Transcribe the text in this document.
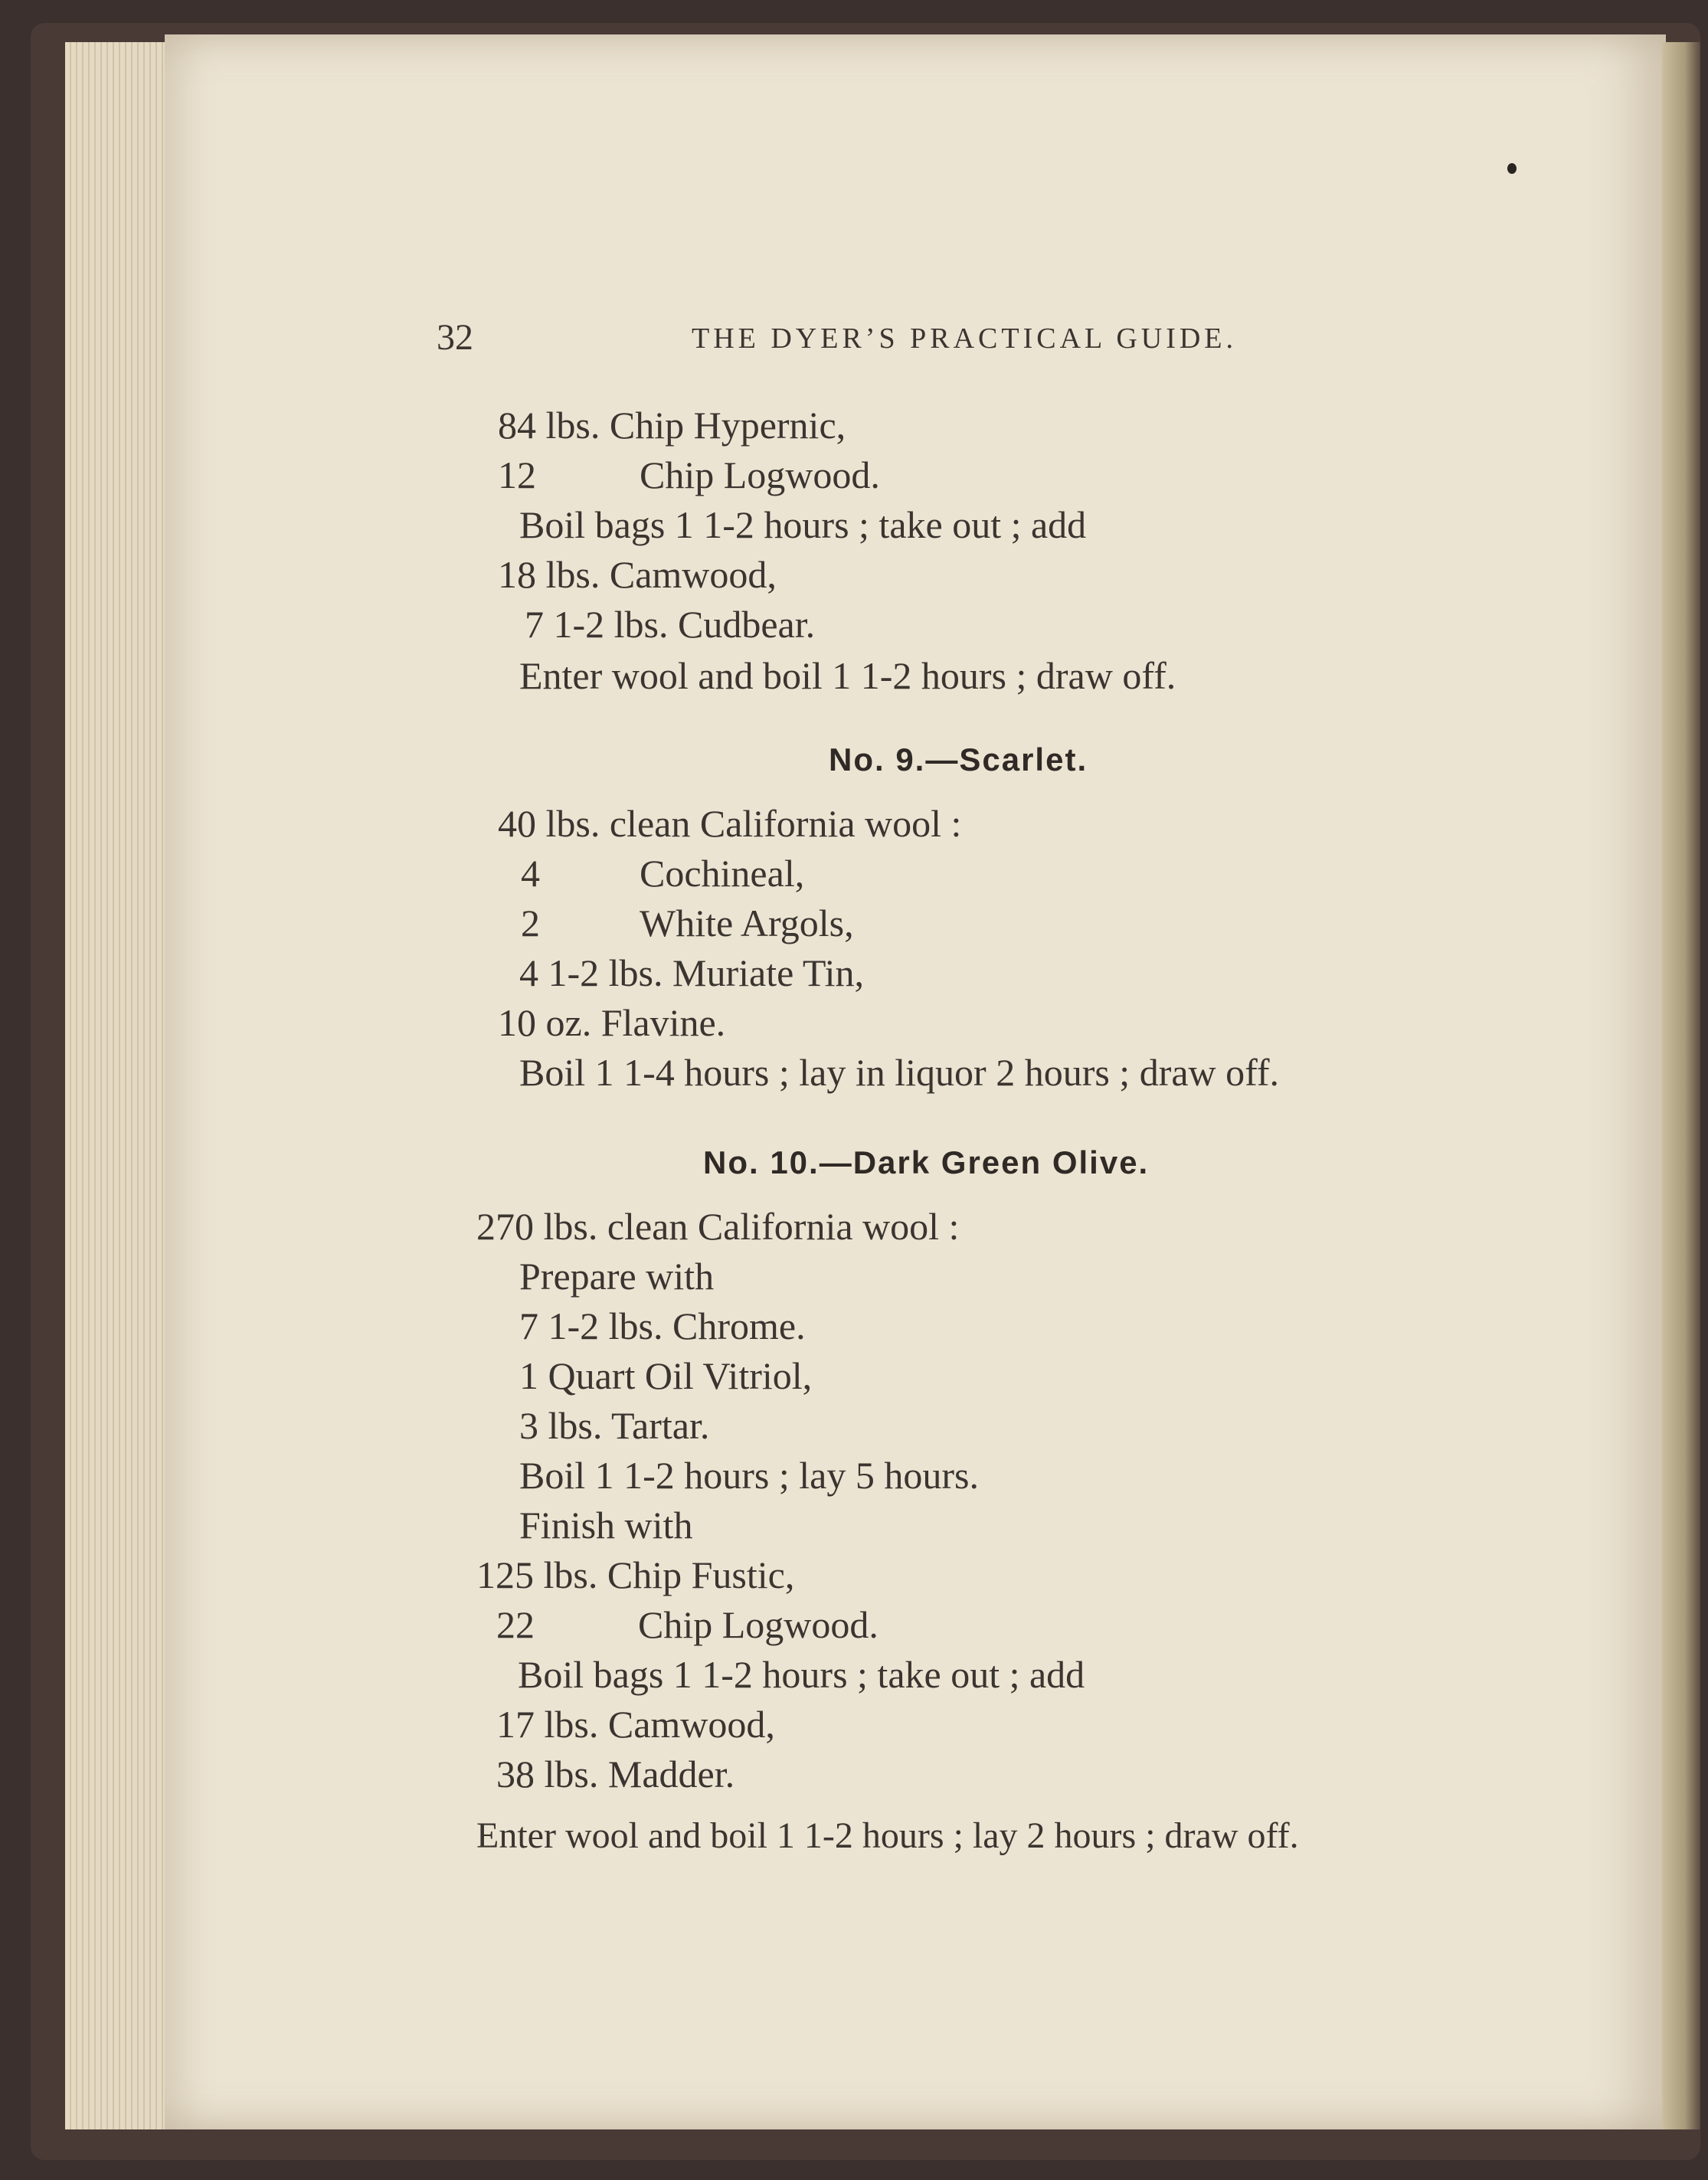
32	THE DYER’S PRACTICAL GUIDE.
84 lbs. Chip Hypernic,
12	Chip Logwood.
Boil bags 1 1-2 hours ; take out ; add
18 lbs. Camwood,
7 1-2 lbs. Cudbear.
Enter wool and boil 1 1-2 hours ; draw off.
No. 9.—Scarlet.
40 lbs. clean California wool :
4	Cochineal,
2	White Argols,
4 1-2 lbs. Muriate Tin,
10 oz. Flavine.
Boil 1 1-4 hours ; lay in liquor 2 hours ; draw off.
No. 10.—Dark Green Olive.
270 lbs. clean California wool :
Prepare with
7 1-2 lbs. Chrome.
1 Quart Oil Vitriol,
3 lbs. Tartar.
Boil 1 1-2 hours ; lay 5 hours.
Finish with
125 lbs. Chip Fustic,
22	Chip Logwood.
Boil bags 1 1-2 hours ; take out ; add
17 lbs. Camwood,
38 lbs. Madder.
Enter wool and boil 1 1-2 hours ; lay 2 hours ; draw off.
